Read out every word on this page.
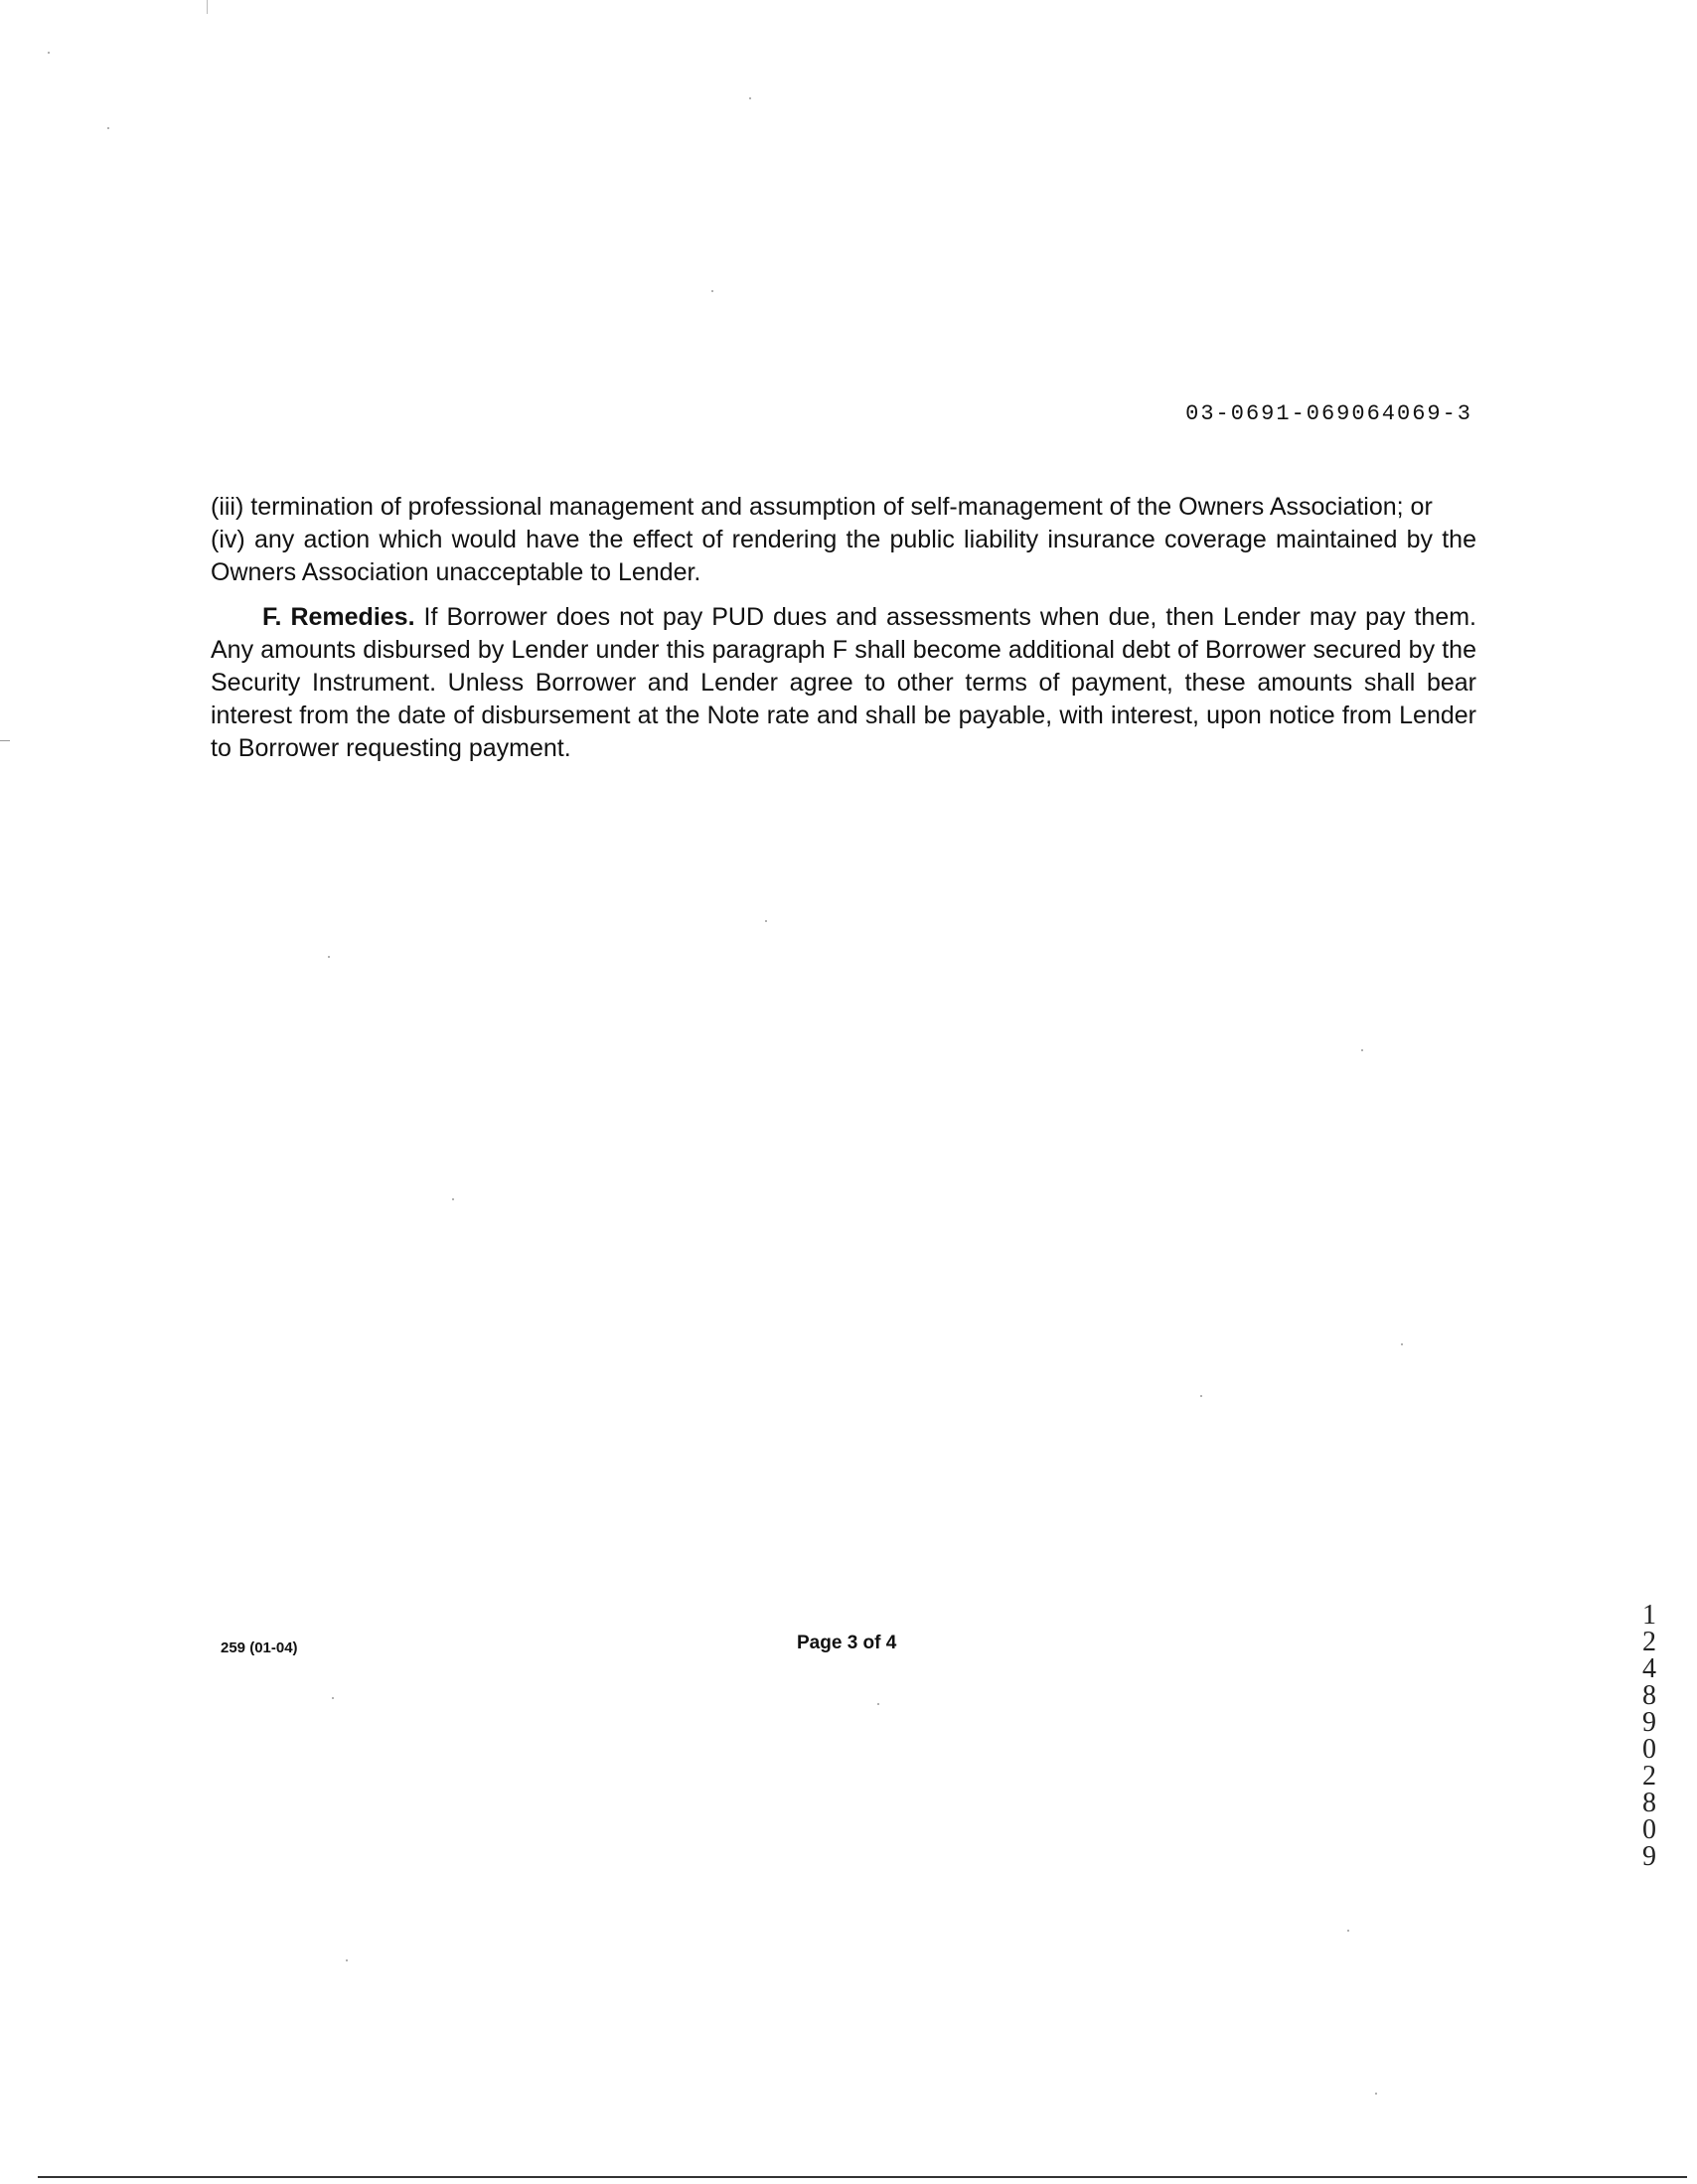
03-0691-069064069-3

(iii) termination of professional management and assumption of self-management of the Owners Association; or

(iv) any action which would have the effect of rendering the public liability insurance coverage maintained by the Owners Association unacceptable to Lender.

F. Remedies. If Borrower does not pay PUD dues and assessments when due, then Lender may pay them. Any amounts disbursed by Lender under this paragraph F shall become additional debt of Borrower secured by the Security Instrument. Unless Borrower and Lender agree to other terms of payment, these amounts shall bear interest from the date of disbursement at the Note rate and shall be payable, with interest, upon notice from Lender to Borrower requesting payment.

259 (01-04)	Page 3 of 4
12489 02809
